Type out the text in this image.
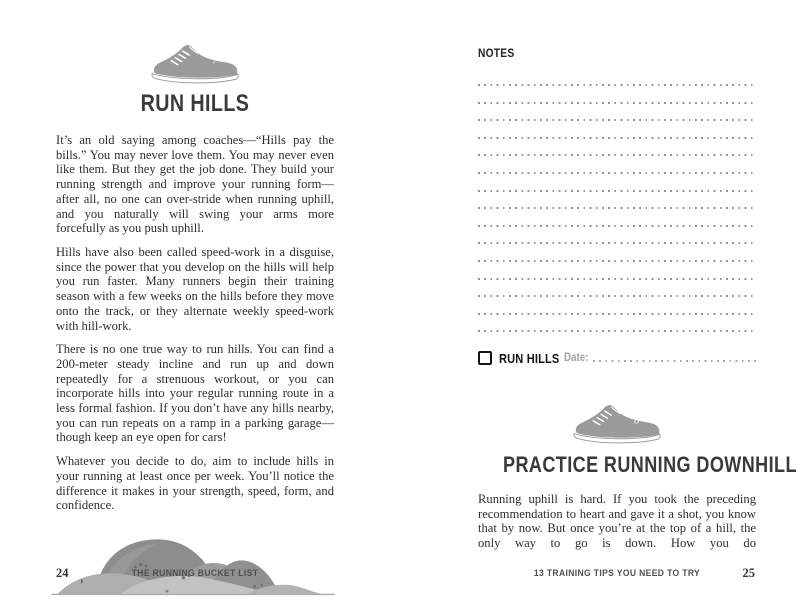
7
RUN HILLS

It’s an old saying among coaches—“Hills pay the bills.” You may never love them. You may never even like them. But they get the job done. They build your running strength and improve your running form—after all, no one can over-stride when running uphill, and you naturally will swing your arms more forcefully as you push uphill.

Hills have also been called speed-work in a disguise, since the power that you develop on the hills will help you run faster. Many runners begin their training season with a few weeks on the hills before they move onto the track, or they alternate weekly speed-work with hill-work.

There is no one true way to run hills. You can find a 200-meter steady incline and run up and down repeatedly for a strenuous workout, or you can incorporate hills into your regular running route in a less formal fashion. If you don’t have any hills nearby, you can run repeats on a ramp in a parking garage—though keep an eye open for cars!

Whatever you decide to do, aim to include hills in your running at least once per week. You’ll notice the difference it makes in your strength, speed, form, and confidence.

NOTES
RUN HILLS Date:
8
PRACTICE RUNNING DOWNHILL

Running uphill is hard. If you took the preceding recommendation to heart and gave it a shot, you know that by now. But once you’re at the top of a hill, the only way to go is down. How you do

24	THE RUNNING BUCKET LIST	13 TRAINING TIPS YOU NEED TO TRY	25
